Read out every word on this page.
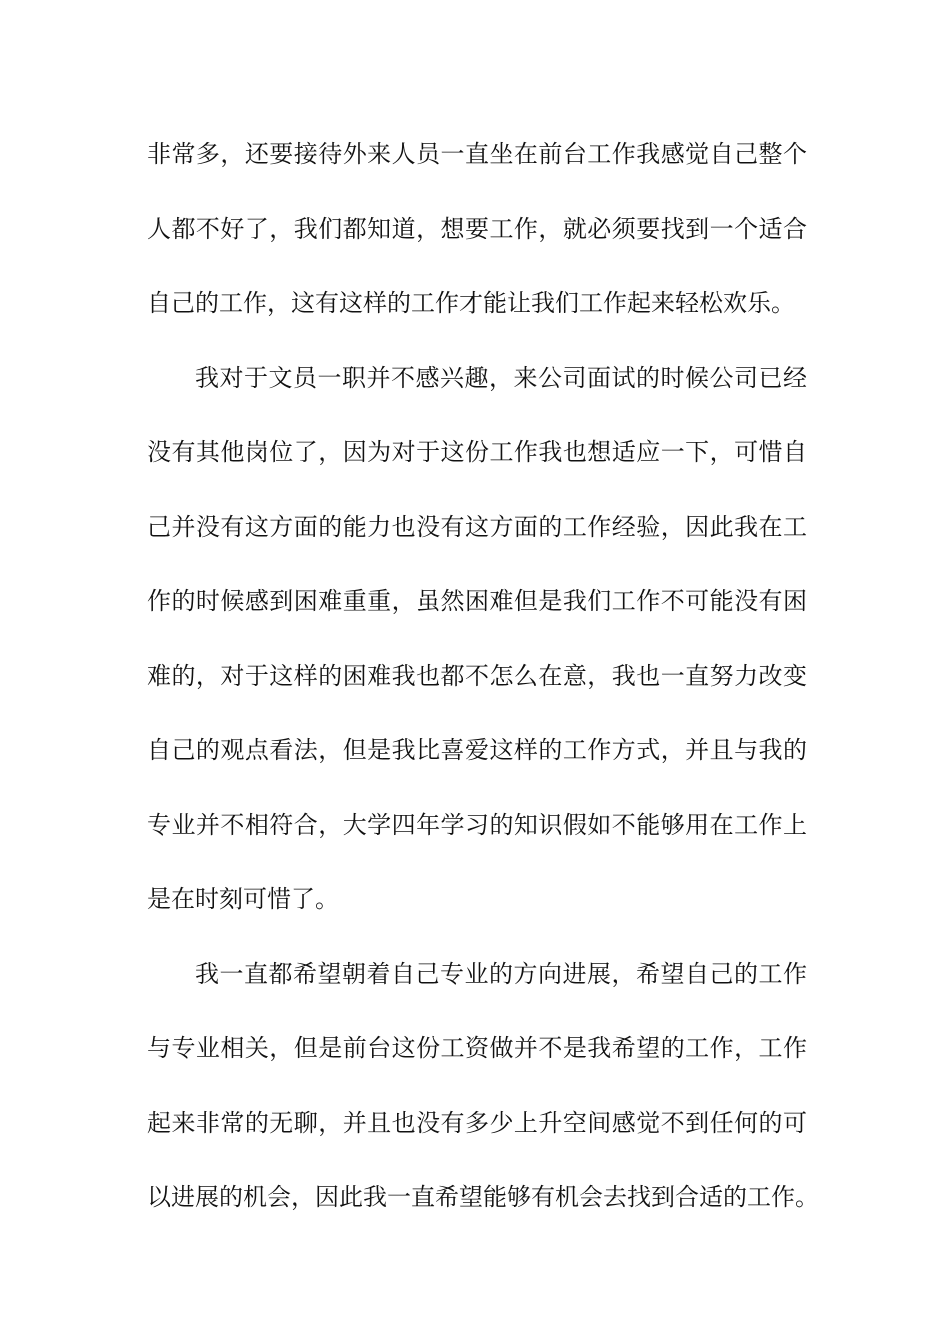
非常多，还要接待外来人员一直坐在前台工作我感觉自己整个
人都不好了，我们都知道，想要工作，就必须要找到一个适合
自己的工作，这有这样的工作才能让我们工作起来轻松欢乐。
我对于文员一职并不感兴趣，来公司面试的时候公司已经
没有其他岗位了，因为对于这份工作我也想适应一下，可惜自
己并没有这方面的能力也没有这方面的工作经验，因此我在工
作的时候感到困难重重，虽然困难但是我们工作不可能没有困
难的，对于这样的困难我也都不怎么在意，我也一直努力改变
自己的观点看法，但是我比喜爱这样的工作方式，并且与我的
专业并不相符合，大学四年学习的知识假如不能够用在工作上
是在时刻可惜了。
我一直都希望朝着自己专业的方向进展，希望自己的工作
与专业相关，但是前台这份工资做并不是我希望的工作，工作
起来非常的无聊，并且也没有多少上升空间感觉不到任何的可
以进展的机会，因此我一直希望能够有机会去找到合适的工作。
